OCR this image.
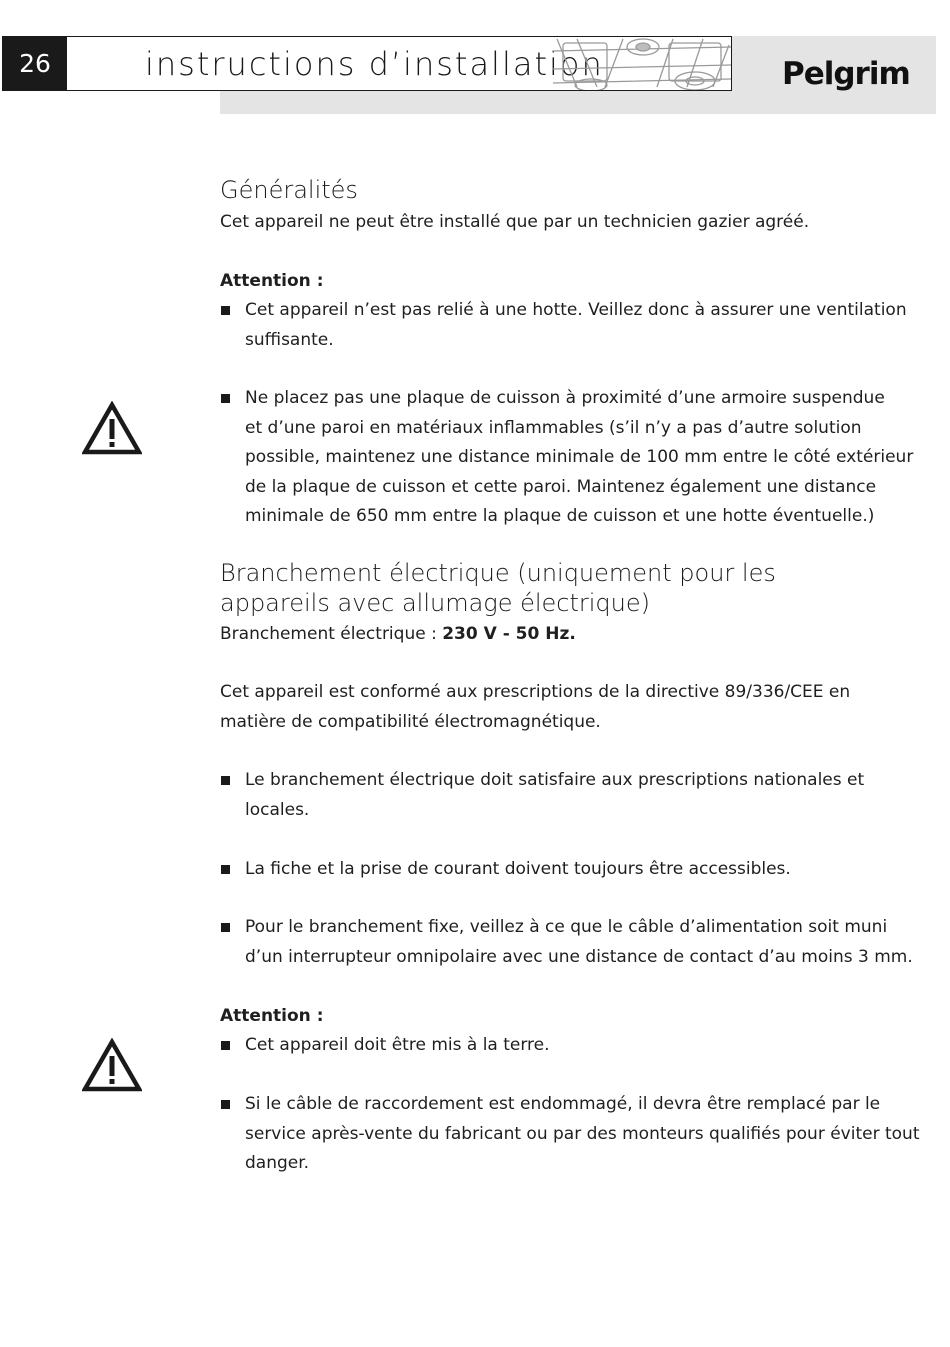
26	instructions d’installation	Pelgrim
Généralités

Cet appareil ne peut être installé que par un technicien gazier agréé.

Attention :

Cet appareil n’est pas relié à une hotte. Veillez donc à assurer une ventilation
suffisante.
Ne placez pas une plaque de cuisson à proximité d’une armoire suspendue
et d’une paroi en matériaux inflammables (s’il n’y a pas d’autre solution
possible, maintenez une distance minimale de 100 mm entre le côté extérieur
de la plaque de cuisson et cette paroi. Maintenez également une distance
minimale de 650 mm entre la plaque de cuisson et une hotte éventuelle.)
Branchement électrique (uniquement pour les
appareils avec allumage électrique)

Branchement électrique : 230 V - 50 Hz.

Cet appareil est conformé aux prescriptions de la directive 89/336/CEE en
matière de compatibilité électromagnétique.
Le branchement électrique doit satisfaire aux prescriptions nationales et
locales.
La fiche et la prise de courant doivent toujours être accessibles.
Pour le branchement fixe, veillez à ce que le câble d’alimentation soit muni
d’un interrupteur omnipolaire avec une distance de contact d’au moins 3 mm.

Attention :

Cet appareil doit être mis à la terre.
Si le câble de raccordement est endommagé, il devra être remplacé par le
service après-vente du fabricant ou par des monteurs qualifiés pour éviter tout
danger.
